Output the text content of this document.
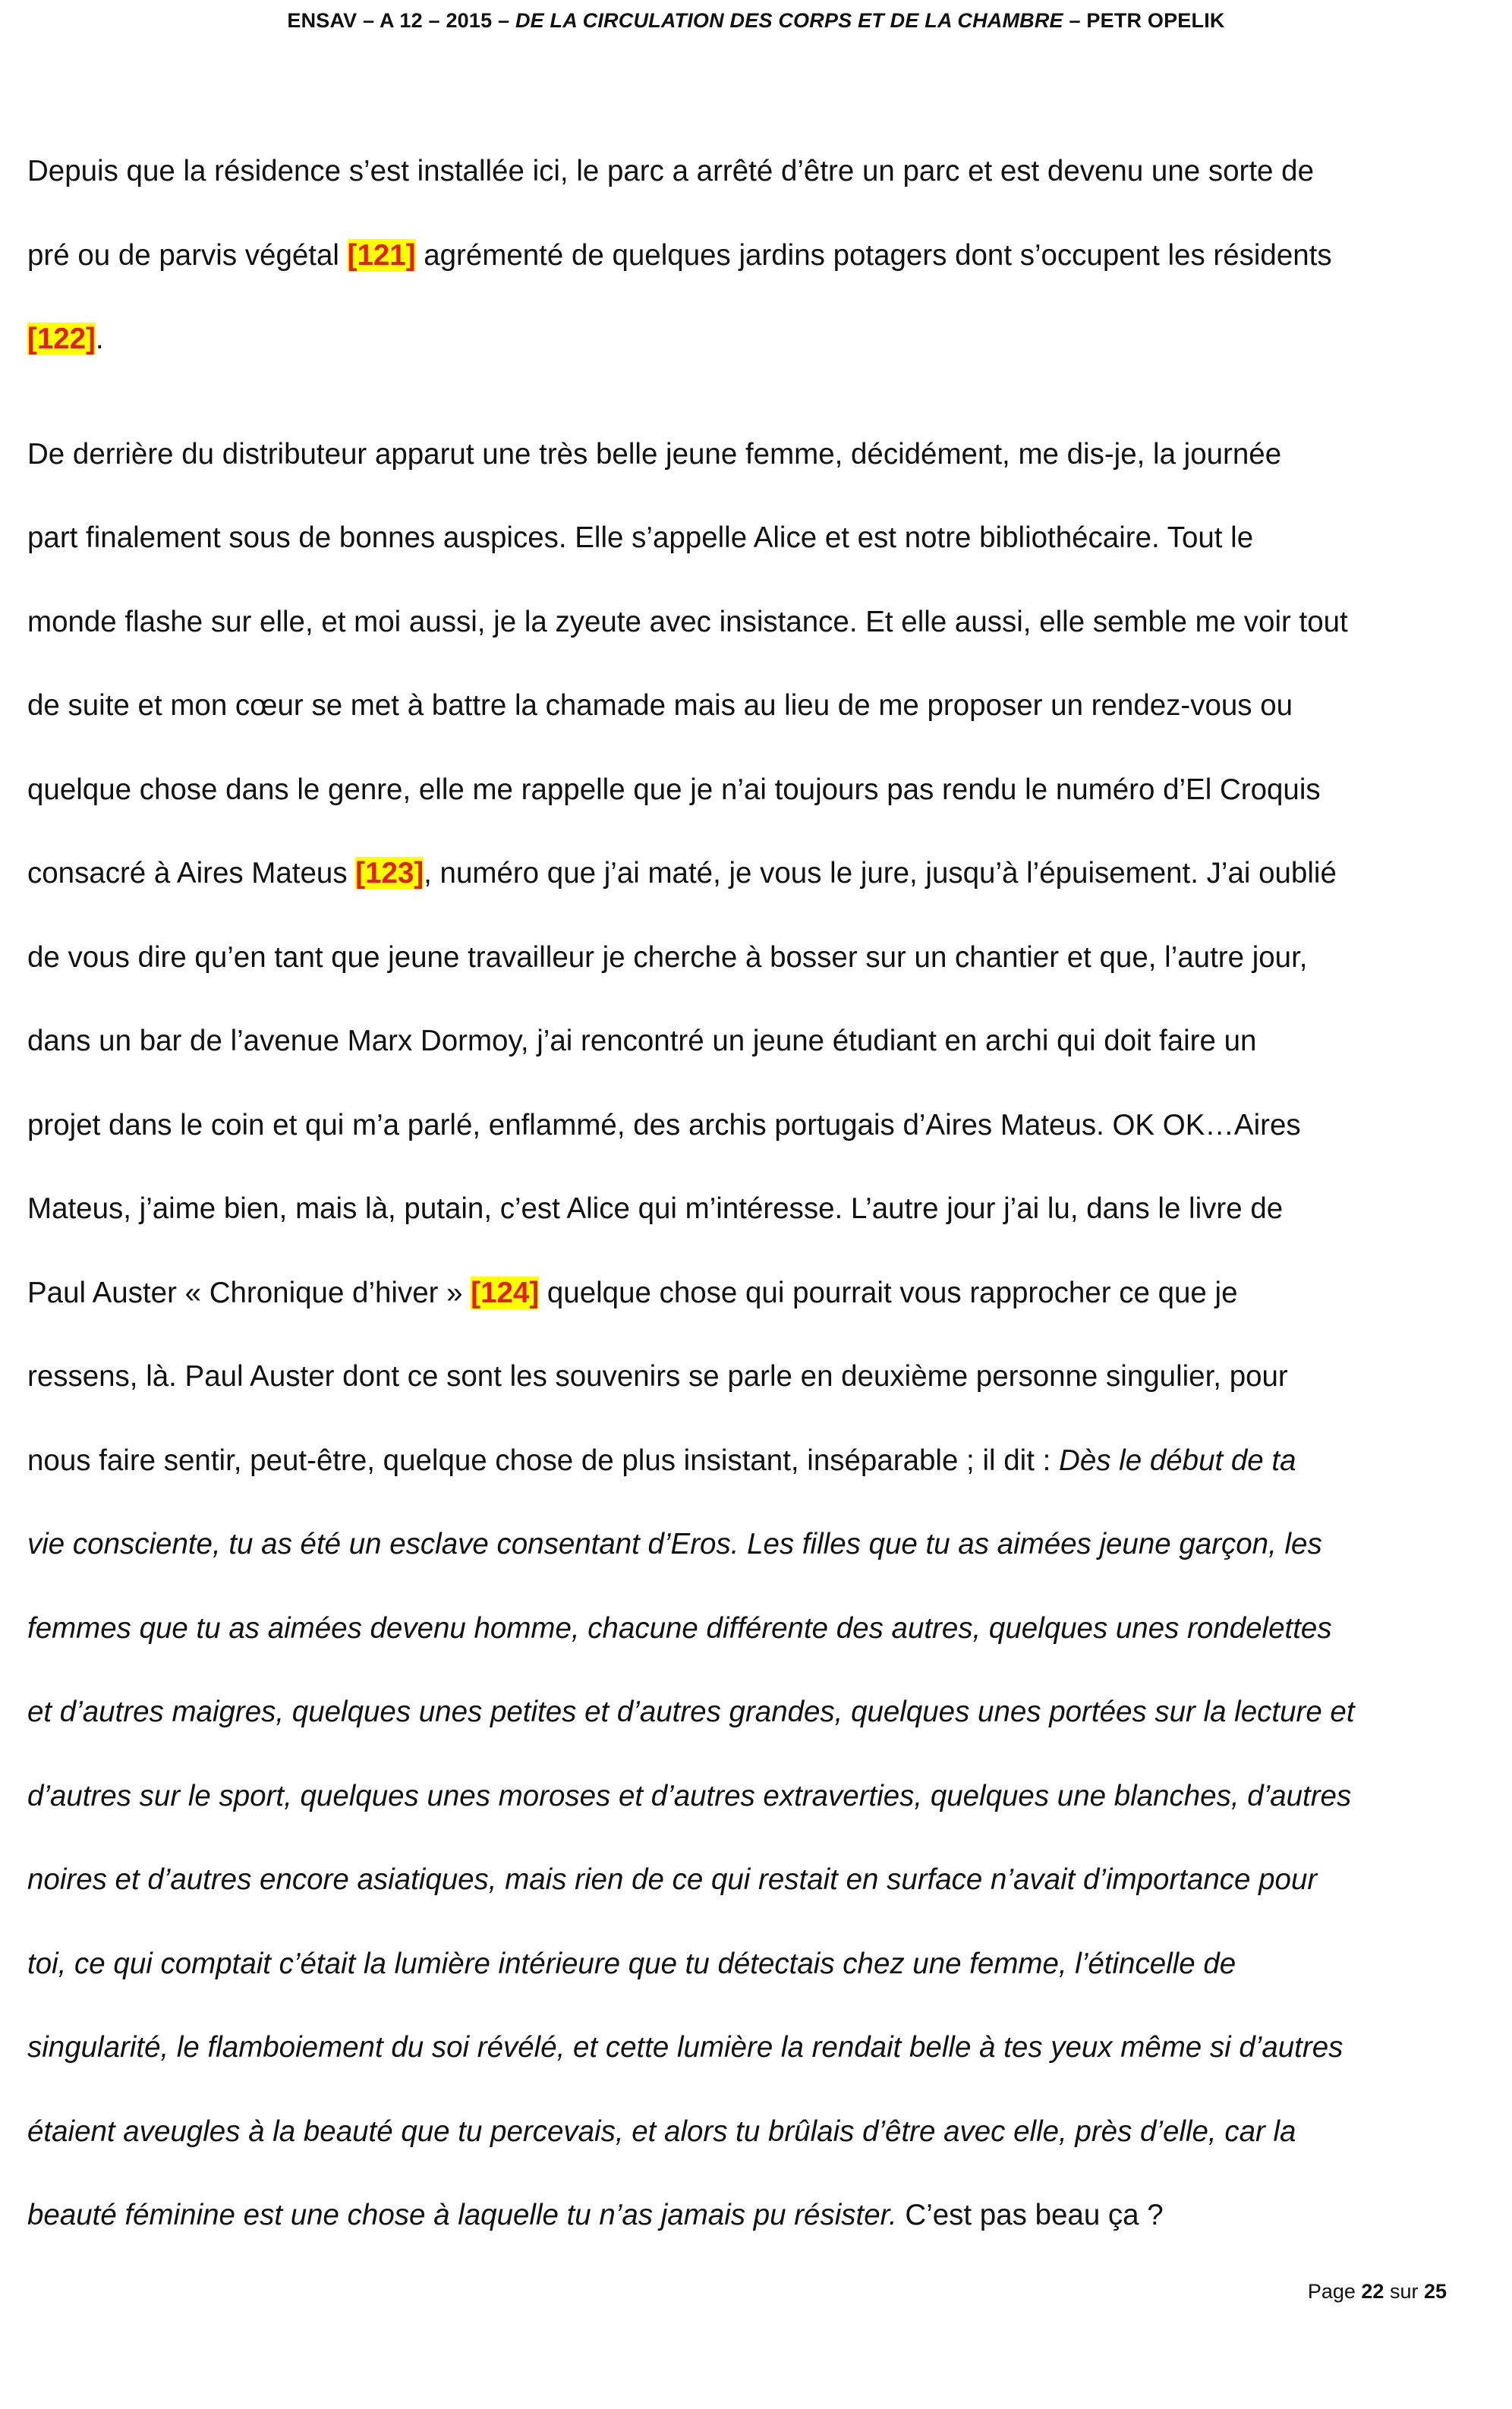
ENSAV – A 12 – 2015 – DE LA CIRCULATION DES CORPS ET DE LA CHAMBRE – PETR OPELIK
Depuis que la résidence s’est installée ici, le parc a arrêté d’être un parc et est devenu une sorte de
pré ou de parvis végétal [121] agrémenté de quelques jardins potagers dont s’occupent les résidents
[122].
De derrière du distributeur apparut une très belle jeune femme, décidément, me dis-je, la journée
part finalement sous de bonnes auspices. Elle s’appelle Alice et est notre bibliothécaire. Tout le
monde flashe sur elle, et moi aussi, je la zyeute avec insistance. Et elle aussi, elle semble me voir tout
de suite et mon cœur se met à battre la chamade mais au lieu de me proposer un rendez-vous ou
quelque chose dans le genre, elle me rappelle que je n’ai toujours pas rendu le numéro d’El Croquis
consacré à Aires Mateus [123], numéro que j’ai maté, je vous le jure, jusqu’à l’épuisement. J’ai oublié
de vous dire qu’en tant que jeune travailleur je cherche à bosser sur un chantier et que, l’autre jour,
dans un bar de l’avenue Marx Dormoy, j’ai rencontré un jeune étudiant en archi qui doit faire un
projet dans le coin et qui m’a parlé, enflammé, des archis portugais d’Aires Mateus. OK OK…Aires
Mateus, j’aime bien, mais là, putain, c’est Alice qui m’intéresse. L’autre jour j’ai lu, dans le livre de
Paul Auster « Chronique d’hiver » [124] quelque chose qui pourrait vous rapprocher ce que je
ressens, là. Paul Auster dont ce sont les souvenirs se parle en deuxième personne singulier, pour
nous faire sentir, peut-être, quelque chose de plus insistant, inséparable ; il dit : Dès le début de ta
vie consciente, tu as été un esclave consentant d’Eros. Les filles que tu as aimées jeune garçon, les
femmes que tu as aimées devenu homme, chacune différente des autres, quelques unes rondelettes
et d’autres maigres, quelques unes petites et d’autres grandes, quelques unes portées sur la lecture et
d’autres sur le sport, quelques unes moroses et d’autres extraverties, quelques une blanches, d’autres
noires et d’autres encore asiatiques, mais rien de ce qui restait en surface n’avait d’importance pour
toi, ce qui comptait c’était la lumière intérieure que tu détectais chez une femme, l’étincelle de
singularité, le flamboiement du soi révélé, et cette lumière la rendait belle à tes yeux même si d’autres
étaient aveugles à la beauté que tu percevais, et alors tu brûlais d’être avec elle, près d’elle, car la
beauté féminine est une chose à laquelle tu n’as jamais pu résister. C’est pas beau ça ?
Page 22 sur 25
